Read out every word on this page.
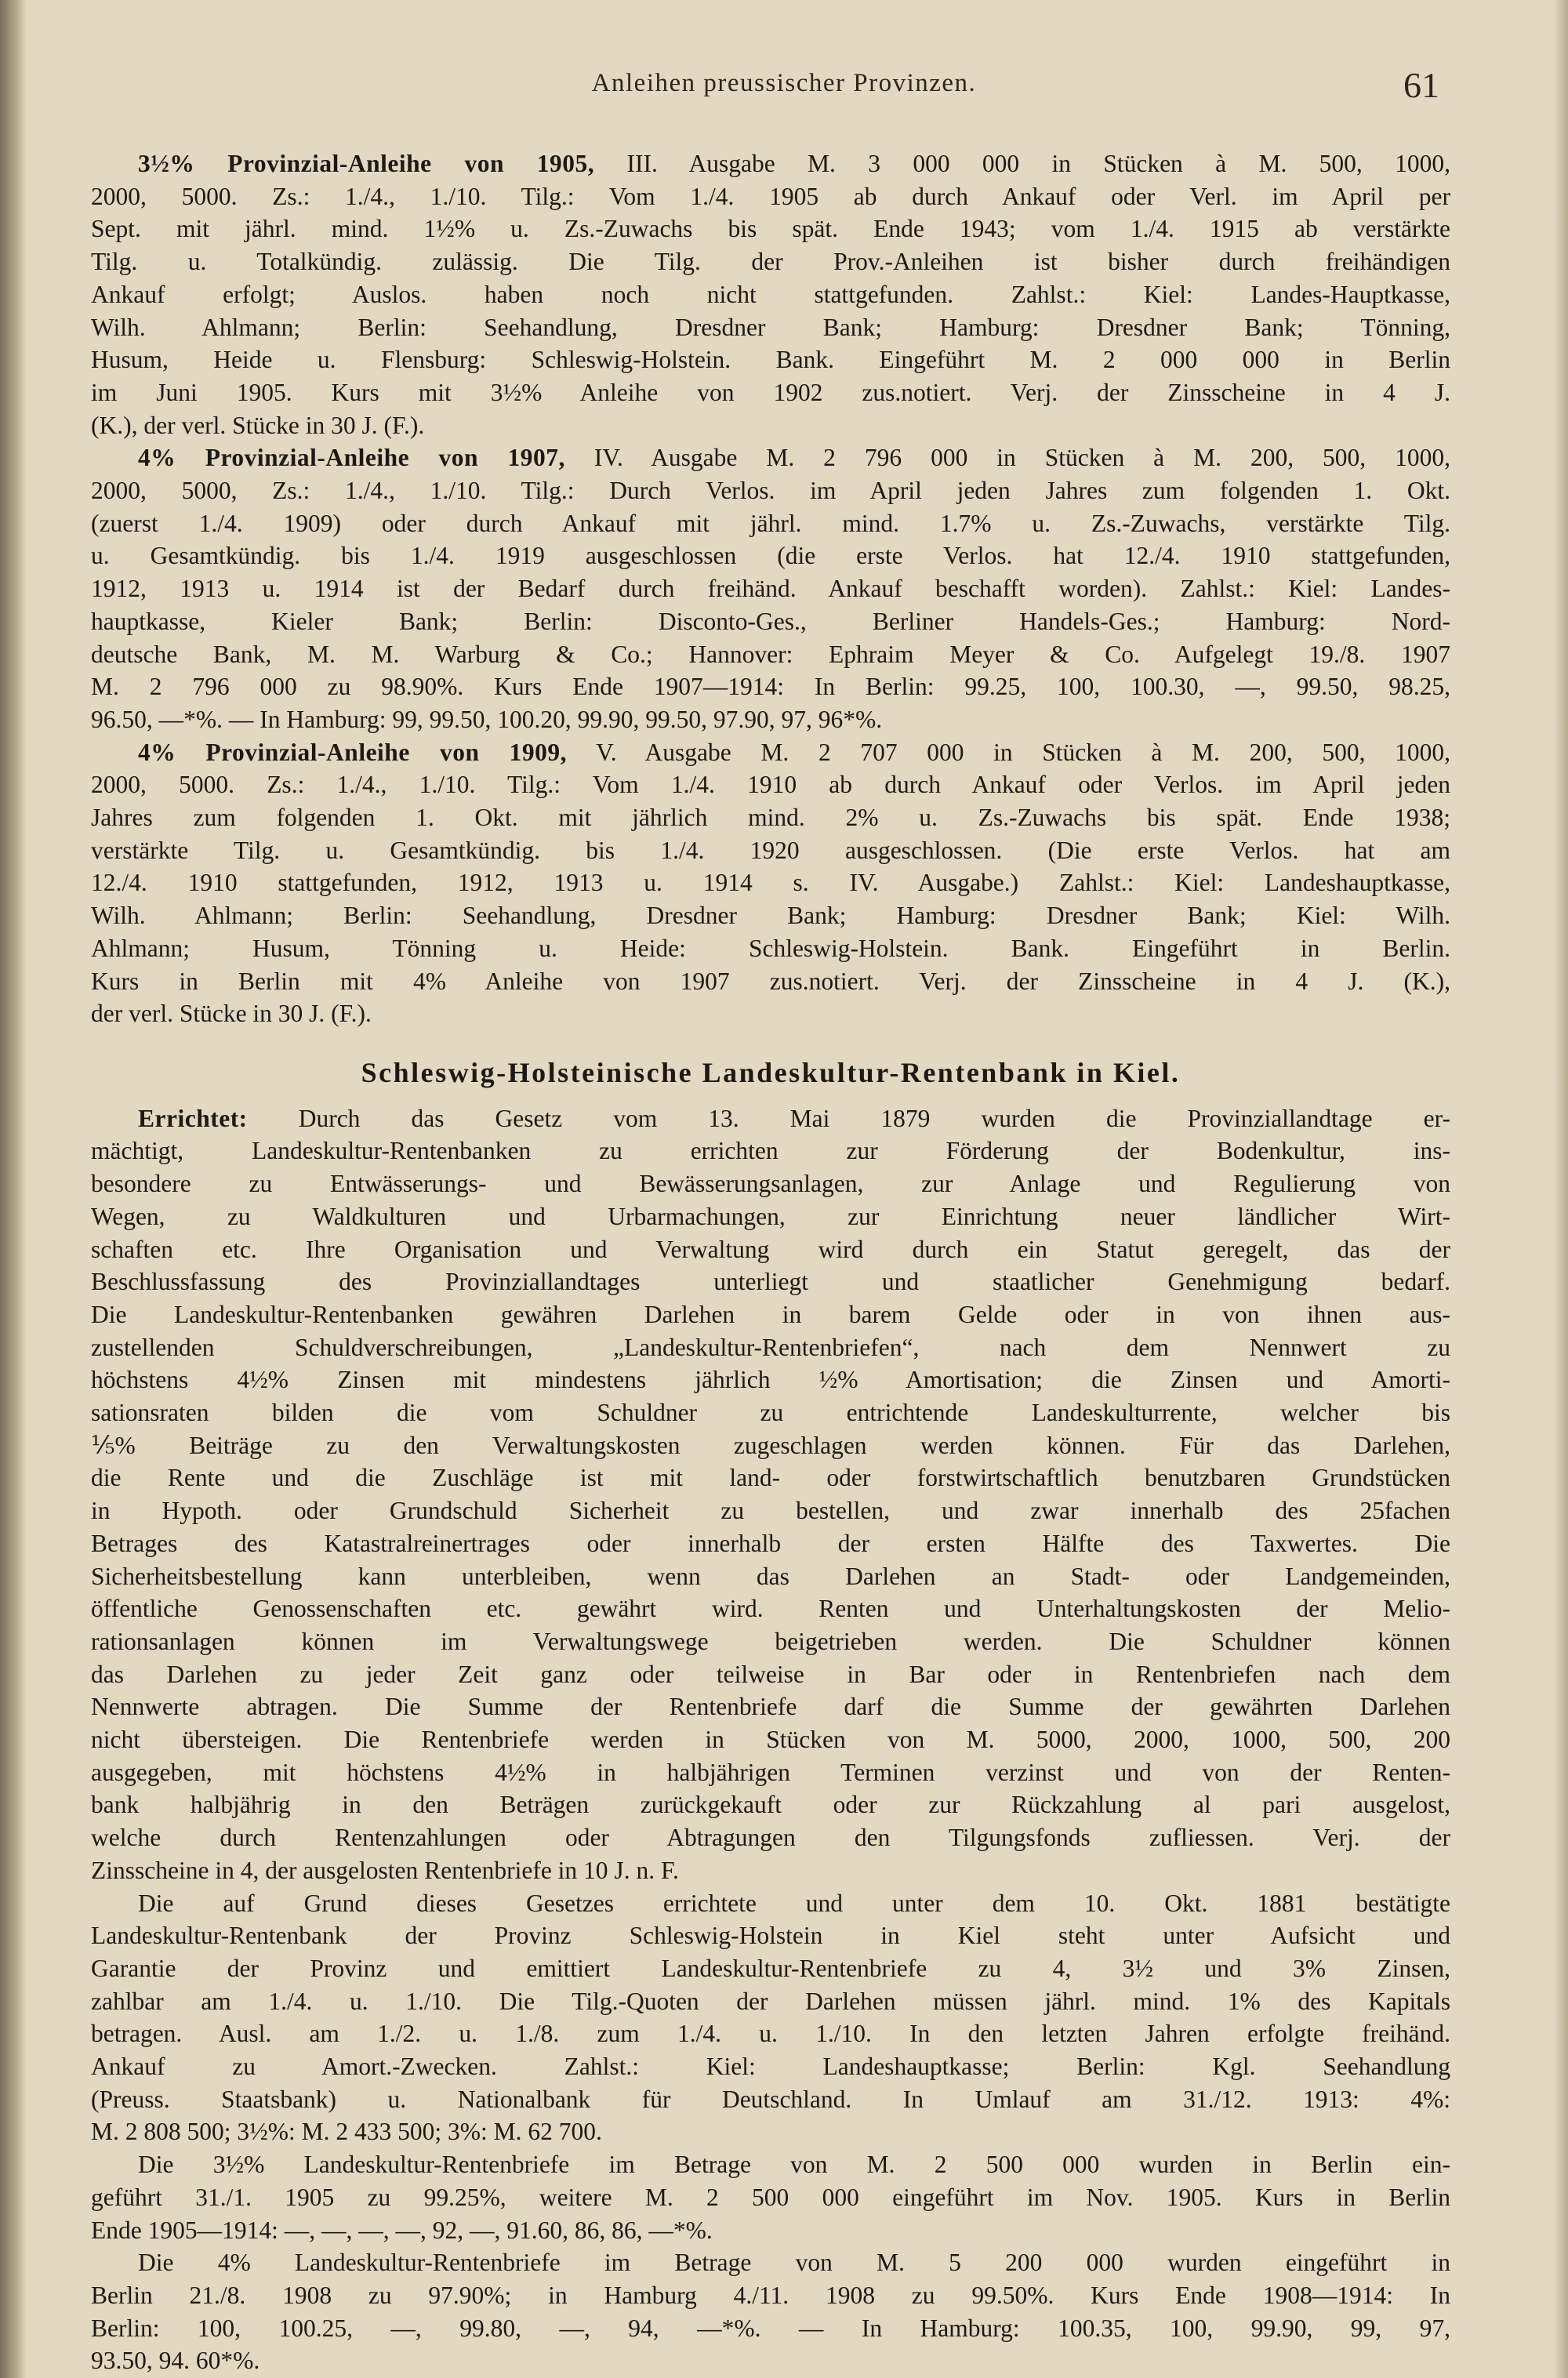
Anleihen preussischer Provinzen.	61
3½% Provinzial-Anleihe von 1905, III. Ausgabe M. 3 000 000 in Stücken à M. 500, 1000,
2000, 5000. Zs.: 1./4., 1./10. Tilg.: Vom 1./4. 1905 ab durch Ankauf oder Verl. im April per
Sept. mit jährl. mind. 1½% u. Zs.-Zuwachs bis spät. Ende 1943; vom 1./4. 1915 ab verstärkte
Tilg. u. Totalkündig. zulässig. Die Tilg. der Prov.-Anleihen ist bisher durch freihändigen
Ankauf erfolgt; Auslos. haben noch nicht stattgefunden. Zahlst.: Kiel: Landes-Hauptkasse,
Wilh. Ahlmann; Berlin: Seehandlung, Dresdner Bank; Hamburg: Dresdner Bank; Tönning,
Husum, Heide u. Flensburg: Schleswig-Holstein. Bank. Eingeführt M. 2 000 000 in Berlin
im Juni 1905. Kurs mit 3½% Anleihe von 1902 zus.notiert. Verj. der Zinsscheine in 4 J.
(K.), der verl. Stücke in 30 J. (F.).
4% Provinzial-Anleihe von 1907, IV. Ausgabe M. 2 796 000 in Stücken à M. 200, 500, 1000,
2000, 5000, Zs.: 1./4., 1./10. Tilg.: Durch Verlos. im April jeden Jahres zum folgenden 1. Okt.
(zuerst 1./4. 1909) oder durch Ankauf mit jährl. mind. 1.7% u. Zs.-Zuwachs, verstärkte Tilg.
u. Gesamtkündig. bis 1./4. 1919 ausgeschlossen (die erste Verlos. hat 12./4. 1910 stattgefunden,
1912, 1913 u. 1914 ist der Bedarf durch freihänd. Ankauf beschafft worden). Zahlst.: Kiel: Landes-
hauptkasse, Kieler Bank; Berlin: Disconto-Ges., Berliner Handels-Ges.; Hamburg: Nord-
deutsche Bank, M. M. Warburg & Co.; Hannover: Ephraim Meyer & Co. Aufgelegt 19./8. 1907
M. 2 796 000 zu 98.90%. Kurs Ende 1907—1914: In Berlin: 99.25, 100, 100.30, —, 99.50, 98.25,
96.50, —*%. — In Hamburg: 99, 99.50, 100.20, 99.90, 99.50, 97.90, 97, 96*%.
4% Provinzial-Anleihe von 1909, V. Ausgabe M. 2 707 000 in Stücken à M. 200, 500, 1000,
2000, 5000. Zs.: 1./4., 1./10. Tilg.: Vom 1./4. 1910 ab durch Ankauf oder Verlos. im April jeden
Jahres zum folgenden 1. Okt. mit jährlich mind. 2% u. Zs.-Zuwachs bis spät. Ende 1938;
verstärkte Tilg. u. Gesamtkündig. bis 1./4. 1920 ausgeschlossen. (Die erste Verlos. hat am
12./4. 1910 stattgefunden, 1912, 1913 u. 1914 s. IV. Ausgabe.) Zahlst.: Kiel: Landeshauptkasse,
Wilh. Ahlmann; Berlin: Seehandlung, Dresdner Bank; Hamburg: Dresdner Bank; Kiel: Wilh.
Ahlmann; Husum, Tönning u. Heide: Schleswig-Holstein. Bank. Eingeführt in Berlin.
Kurs in Berlin mit 4% Anleihe von 1907 zus.notiert. Verj. der Zinsscheine in 4 J. (K.),
der verl. Stücke in 30 J. (F.).
Schleswig-Holsteinische Landeskultur-Rentenbank in Kiel.
Errichtet: Durch das Gesetz vom 13. Mai 1879 wurden die Provinziallandtage er-
mächtigt, Landeskultur-Rentenbanken zu errichten zur Förderung der Bodenkultur, ins-
besondere zu Entwässerungs- und Bewässerungsanlagen, zur Anlage und Regulierung von
Wegen, zu Waldkulturen und Urbarmachungen, zur Einrichtung neuer ländlicher Wirt-
schaften etc. Ihre Organisation und Verwaltung wird durch ein Statut geregelt, das der
Beschlussfassung des Provinziallandtages unterliegt und staatlicher Genehmigung bedarf.
Die Landeskultur-Rentenbanken gewähren Darlehen in barem Gelde oder in von ihnen aus-
zustellenden Schuldverschreibungen, „Landeskultur-Rentenbriefen“, nach dem Nennwert zu
höchstens 4½% Zinsen mit mindestens jährlich ½% Amortisation; die Zinsen und Amorti-
sationsraten bilden die vom Schuldner zu entrichtende Landeskulturrente, welcher bis
⅕% Beiträge zu den Verwaltungskosten zugeschlagen werden können. Für das Darlehen,
die Rente und die Zuschläge ist mit land- oder forstwirtschaftlich benutzbaren Grundstücken
in Hypoth. oder Grundschuld Sicherheit zu bestellen, und zwar innerhalb des 25fachen
Betrages des Katastralreinertrages oder innerhalb der ersten Hälfte des Taxwertes. Die
Sicherheitsbestellung kann unterbleiben, wenn das Darlehen an Stadt- oder Landgemeinden,
öffentliche Genossenschaften etc. gewährt wird. Renten und Unterhaltungskosten der Melio-
rationsanlagen können im Verwaltungswege beigetrieben werden. Die Schuldner können
das Darlehen zu jeder Zeit ganz oder teilweise in Bar oder in Rentenbriefen nach dem
Nennwerte abtragen. Die Summe der Rentenbriefe darf die Summe der gewährten Darlehen
nicht übersteigen. Die Rentenbriefe werden in Stücken von M. 5000, 2000, 1000, 500, 200
ausgegeben, mit höchstens 4½% in halbjährigen Terminen verzinst und von der Renten-
bank halbjährig in den Beträgen zurückgekauft oder zur Rückzahlung al pari ausgelost,
welche durch Rentenzahlungen oder Abtragungen den Tilgungsfonds zufliessen. Verj. der
Zinsscheine in 4, der ausgelosten Rentenbriefe in 10 J. n. F.
Die auf Grund dieses Gesetzes errichtete und unter dem 10. Okt. 1881 bestätigte
Landeskultur-Rentenbank der Provinz Schleswig-Holstein in Kiel steht unter Aufsicht und
Garantie der Provinz und emittiert Landeskultur-Rentenbriefe zu 4, 3½ und 3% Zinsen,
zahlbar am 1./4. u. 1./10. Die Tilg.-Quoten der Darlehen müssen jährl. mind. 1% des Kapitals
betragen. Ausl. am 1./2. u. 1./8. zum 1./4. u. 1./10. In den letzten Jahren erfolgte freihänd.
Ankauf zu Amort.-Zwecken. Zahlst.: Kiel: Landeshauptkasse; Berlin: Kgl. Seehandlung
(Preuss. Staatsbank) u. Nationalbank für Deutschland. In Umlauf am 31./12. 1913: 4%:
M. 2 808 500; 3½%: M. 2 433 500; 3%: M. 62 700.
Die 3½% Landeskultur-Rentenbriefe im Betrage von M. 2 500 000 wurden in Berlin ein-
geführt 31./1. 1905 zu 99.25%, weitere M. 2 500 000 eingeführt im Nov. 1905. Kurs in Berlin
Ende 1905—1914: —, —, —, —, 92, —, 91.60, 86, 86, —*%.
Die 4% Landeskultur-Rentenbriefe im Betrage von M. 5 200 000 wurden eingeführt in
Berlin 21./8. 1908 zu 97.90%; in Hamburg 4./11. 1908 zu 99.50%. Kurs Ende 1908—1914: In
Berlin: 100, 100.25, —, 99.80, —, 94, —*%. — In Hamburg: 100.35, 100, 99.90, 99, 97,
93.50, 94. 60*%.
